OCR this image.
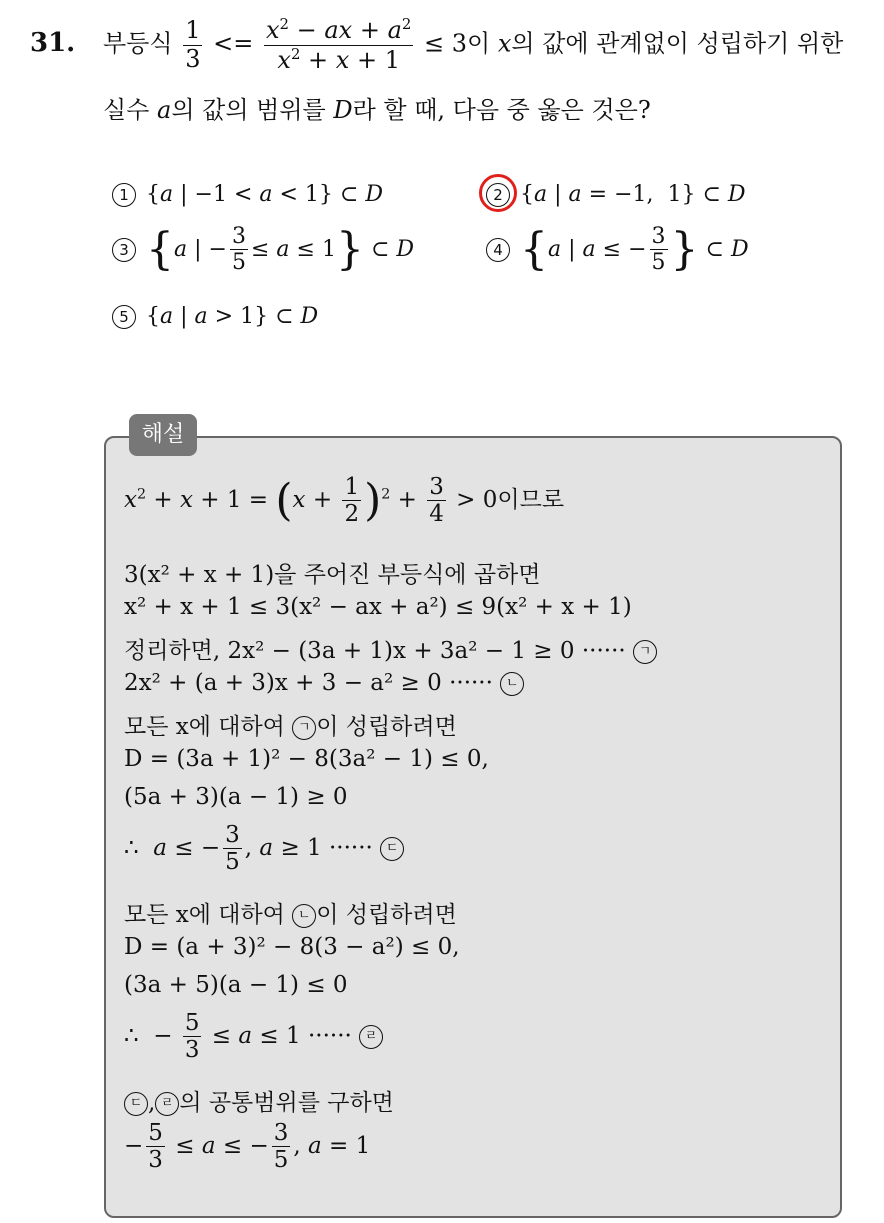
31. 부등식 $\frac{1}{3} <= \frac{x^2 - ax + a^2}{x^2 + x + 1} \le 3$이 x의 값에 관계없이 성립하기 위한
실수 a의 값의 범위를 D라 할 때, 다음 중 옳은 것은?
1 {a | −1 < a < 1} ⊂ D	2 {a | a = −1,  1} ⊂ D
3 {a | − $\frac{3}{5} \le a \le 1$} ⊂ D	4 {a | a ≤ − $\frac{3}{5}$ } ⊂ D
5 {a | a > 1} ⊂ D
해설
$x^2 + x + 1 = (x + \frac{1}{2} )^2 + \frac{3}{4} > 0$이므로
3(x² + x + 1)을 주어진 부등식에 곱하면
x² + x + 1 ≤ 3(x² − ax + a²) ≤ 9(x² + x + 1)
정리하면, 2x² − (3a + 1)x + 3a² − 1 ≥ 0 ······ ㄱ
2x² + (a + 3)x + 3 − a² ≥ 0 ······ ㄴ
모든 x에 대하여 ㄱ 이 성립하려면
D = (3a + 1)² − 8(3a² − 1) ≤ 0,
(5a + 3)(a − 1) ≥ 0
∴  a ≤ − $\frac{3}{5}$ , a ≥ 1 ······ ㄷ
모든 x에 대하여 ㄴ 이 성립하려면
D = (a + 3)² − 8(3 − a²) ≤ 0,
(3a + 5)(a − 1) ≤ 0
∴  − $\frac{5}{3} \le a \le 1$ ······ ㄹ
ㄷ , ㄹ 의 공통범위를 구하면
− $\frac{5}{3} \le a$ ≤ − $\frac{3}{5}$ , a = 1
